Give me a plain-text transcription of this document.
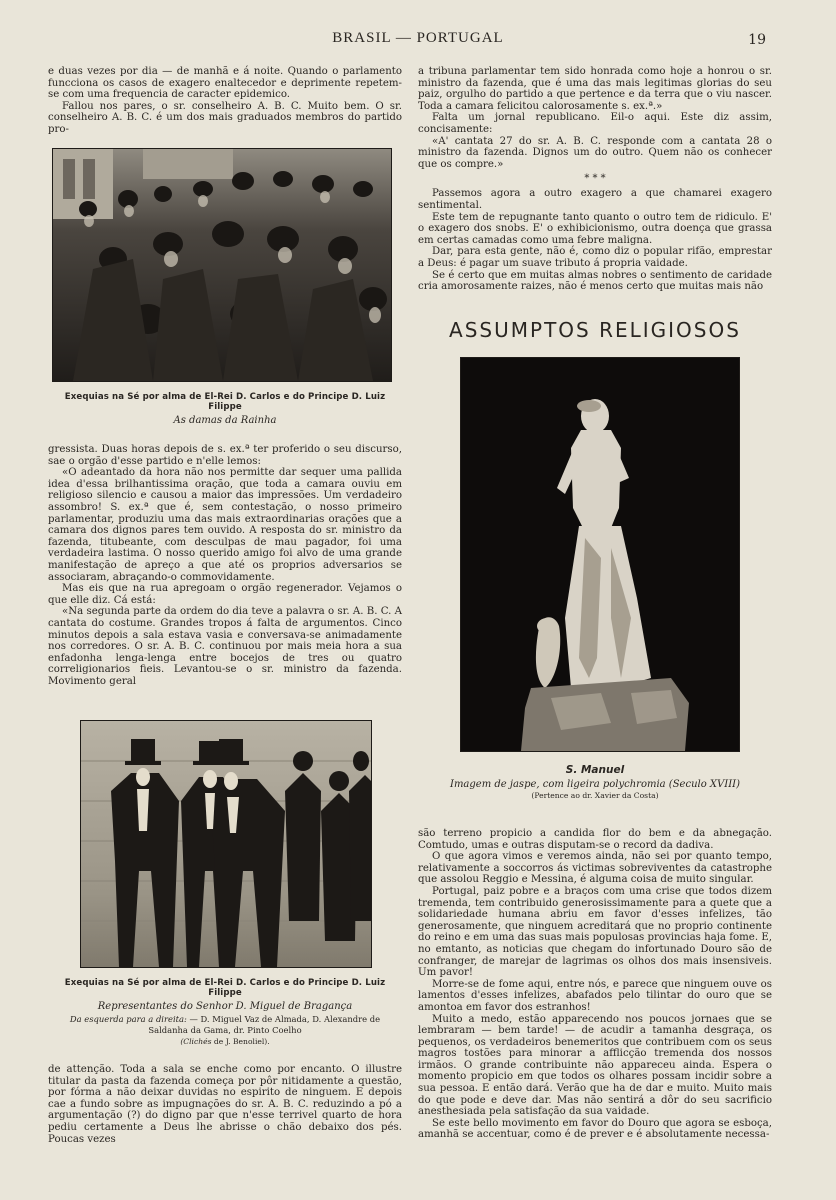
BRASIL — PORTUGAL	19

e duas vezes por dia — de manhã e á noite. Quando o parlamento funcciona os casos de exagero enaltecedor e deprimente repetem-se com uma frequencia de caracter epidemico.

Fallou nos pares, o sr. conselheiro A. B. C. Muito bem. O sr. conselheiro A. B. C. é um dos mais graduados membros do partido pro-

Exequias na Sé por alma de El-Rei D. Carlos e do Principe D. Luiz Filippe
As damas da Rainha

gressista. Duas horas depois de s. ex.ª ter proferido o seu discurso, sae o orgão d'esse partido e n'elle lemos:

«O adeantado da hora não nos permitte dar sequer uma pallida idea d'essa brilhantissima oração, que toda a camara ouviu em religioso silencio e causou a maior das impressões. Um verdadeiro assombro! S. ex.ª que é, sem contestação, o nosso primeiro parlamentar, produziu uma das mais extraordinarias orações que a camara dos dignos pares tem ouvido. A resposta do sr. ministro da fazenda, titubeante, com desculpas de mau pagador, foi uma verdadeira lastima. O nosso querido amigo foi alvo de uma grande manifestação de apreço a que até os proprios adversarios se associaram, abraçando-o commovidamente.

Mas eis que na rua apregoam o orgão regenerador. Vejamos o que elle diz. Cá está:

«Na segunda parte da ordem do dia teve a palavra o sr. A. B. C. A cantata do costume. Grandes tropos á falta de argumentos. Cinco minutos depois a sala estava vasia e conversava-se animadamente nos corredores. O sr. A. B. C. continuou por mais meia hora a sua enfadonha lenga-lenga entre bocejos de tres ou quatro correligionarios fieis. Levantou-se o sr. ministro da fazenda. Movimento geral

Exequias na Sé por alma de El-Rei D. Carlos e do Principe D. Luiz Filippe
Representantes do Senhor D. Miguel de Bragança
Da esquerda para a direita: — D. Miguel Vaz de Almada, D. Alexandre de Saldanha da Gama, dr. Pinto Coelho
(Clichés de J. Benoliel).

de attenção. Toda a sala se enche como por encanto. O illustre titular da pasta da fazenda começa por pôr nitidamente a questão, por fórma a não deixar duvidas no espirito de ninguem. E depois cae a fundo sobre as impugnações do sr. A. B. C. reduzindo a pó a argumentação (?) do digno par que n'esse terrivel quarto de hora pediu certamente a Deus lhe abrisse o chão debaixo dos pés. Poucas vezes

a tribuna parlamentar tem sido honrada como hoje a honrou o sr. ministro da fazenda, que é uma das mais legitimas glorias do seu paiz, orgulho do partido a que pertence e da terra que o viu nascer. Toda a camara felicitou calorosamente s. ex.ª.»

Falta um jornal republicano. Eil-o aqui. Este diz assim, concisamente:

«A' cantata 27 do sr. A. B. C. responde com a cantata 28 o ministro da fazenda. Dignos um do outro. Quem não os conhecer que os compre.»

* * *

Passemos agora a outro exagero a que chamarei exagero sentimental.

Este tem de repugnante tanto quanto o outro tem de ridiculo. E' o exagero dos snobs. E' o exhibicionismo, outra doença que grassa em certas camadas como uma febre maligna.

Dar, para esta gente, não é, como diz o popular rifão, emprestar a Deus: é pagar um suave tributo á propria vaidade.

Se é certo que em muitas almas nobres o sentimento de caridade cria amorosamente raizes, não é menos certo que muitas mais não

ASSUMPTOS RELIGIOSOS
S. Manuel
Imagem de jaspe, com ligeira polychromia (Seculo XVIII)
(Pertence ao dr. Xavier da Costa)

são terreno propicio a candida flor do bem e da abnegação. Comtudo, umas e outras disputam-se o record da dadiva.

O que agora vimos e veremos ainda, não sei por quanto tempo, relativamente a soccorros ás victimas sobreviventes da catastrophe que assolou Reggio e Messina, é alguma coisa de muito singular.

Portugal, paiz pobre e a braços com uma crise que todos dizem tremenda, tem contribuido generosissimamente para a quete que a solidariedade humana abriu em favor d'esses infelizes, tão generosamente, que ninguem acreditará que no proprio continente do reino e em uma das suas mais populosas provincias haja fome. E, no emtanto, as noticias que chegam do infortunado Douro são de confranger, de marejar de lagrimas os olhos dos mais insensiveis. Um pavor!

Morre-se de fome aqui, entre nós, e parece que ninguem ouve os lamentos d'esses infelizes, abafados pelo tilintar do ouro que se amontoa em favor dos estranhos!

Muito a medo, estão apparecendo nos poucos jornaes que se lembraram — bem tarde! — de acudir a tamanha desgraça, os pequenos, os verdadeiros benemeritos que contribuem com os seus magros tostões para minorar a afflicção tremenda dos nossos irmãos. O grande contribuinte não appareceu ainda. Espera o momento propicio em que todos os olhares possam incidir sobre a sua pessoa. E então dará. Verão que ha de dar e muito. Muito mais do que pode e deve dar. Mas não sentirá a dôr do seu sacrificio anesthesiada pela satisfação da sua vaidade.

Se este bello movimento em favor do Douro que agora se esboça, amanhã se accentuar, como é de prever e é absolutamente necessa-
